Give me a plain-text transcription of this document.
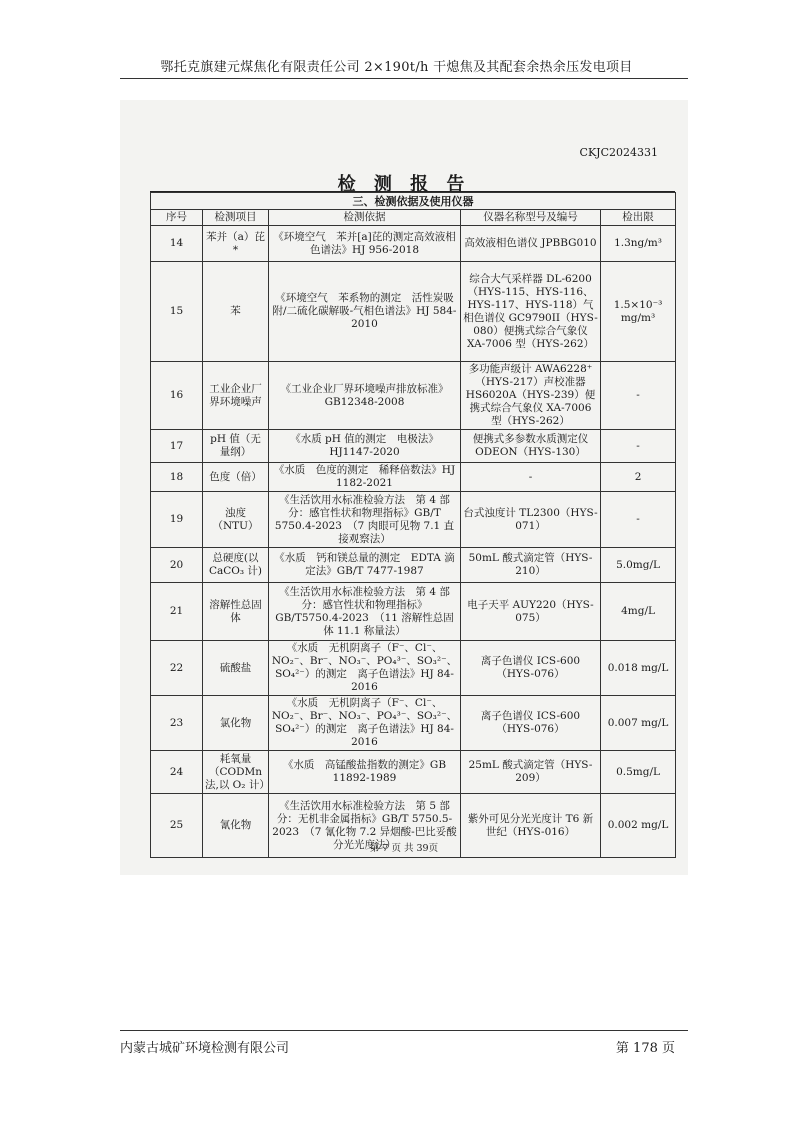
鄂托克旗建元煤焦化有限责任公司 2×190t/h 干熄焦及其配套余热余压发电项目
CKJC2024331
检 测 报 告
三、检测依据及使用仪器				
序号	检测项目	检测依据	仪器名称型号及编号	检出限
14	苯并（a）芘*	《环境空气　苯并[a]芘的测定高效液相色谱法》HJ 956-2018	高效液相色谱仪 JPBBG010	1.3ng/m³
15	苯	《环境空气　苯系物的测定　活性炭吸附/二硫化碳解吸-气相色谱法》HJ 584-2010	综合大气采样器 DL-6200（HYS-115、HYS-116、HYS-117、HYS-118）气相色谱仪 GC9790II（HYS-080）便携式综合气象仪 XA-7006 型（HYS-262）	1.5×10⁻³ mg/m³
16	工业企业厂界环境噪声	《工业企业厂界环境噪声排放标准》GB12348-2008	多功能声级计 AWA6228⁺（HYS-217）声校准器 HS6020A（HYS-239）便携式综合气象仪 XA-7006 型（HYS-262）	-
17	pH 值（无量纲）	《水质 pH 值的测定　电极法》HJ1147-2020	便携式多参数水质测定仪 ODEON（HYS-130）	-
18	色度（倍）	《水质　色度的测定　稀释倍数法》HJ 1182-2021	-	2
19	浊度（NTU）	《生活饮用水标准检验方法　第 4 部分：感官性状和物理指标》GB/T 5750.4-2023　（7 肉眼可见物 7.1 直接观察法）	台式浊度计 TL2300（HYS-071）	-
20	总硬度(以 CaCO₃ 计)	《水质　钙和镁总量的测定　EDTA 滴定法》GB/T 7477-1987	50mL 酸式滴定管（HYS-210）	5.0mg/L
21	溶解性总固体	《生活饮用水标准检验方法　第 4 部分：感官性状和物理指标》GB/T5750.4-2023　（11 溶解性总固体 11.1 称量法）	电子天平 AUY220（HYS-075）	4mg/L
22	硫酸盐	《水质　无机阴离子（F⁻、Cl⁻、NO₂⁻、Br⁻、NO₃⁻、PO₄³⁻、SO₃²⁻、SO₄²⁻）的测定　离子色谱法》HJ 84-2016	离子色谱仪 ICS-600（HYS-076）	0.018 mg/L
23	氯化物	《水质　无机阴离子（F⁻、Cl⁻、NO₂⁻、Br⁻、NO₃⁻、PO₄³⁻、SO₃²⁻、SO₄²⁻）的测定　离子色谱法》HJ 84-2016	离子色谱仪 ICS-600（HYS-076）	0.007 mg/L
24	耗氧量（CODMn 法,以 O₂ 计）	《水质　高锰酸盐指数的测定》GB 11892-1989	25mL 酸式滴定管（HYS-209）	0.5mg/L
25	氰化物	《生活饮用水标准检验方法　第 5 部分：无机非金属指标》GB/T 5750.5-2023　（7 氰化物 7.2 异烟酸-巴比妥酸分光光度法）	紫外可见分光光度计 T6 新世纪（HYS-016）	0.002 mg/L
第 7 页 共 39页
内蒙古城矿环境检测有限公司	第 178 页
